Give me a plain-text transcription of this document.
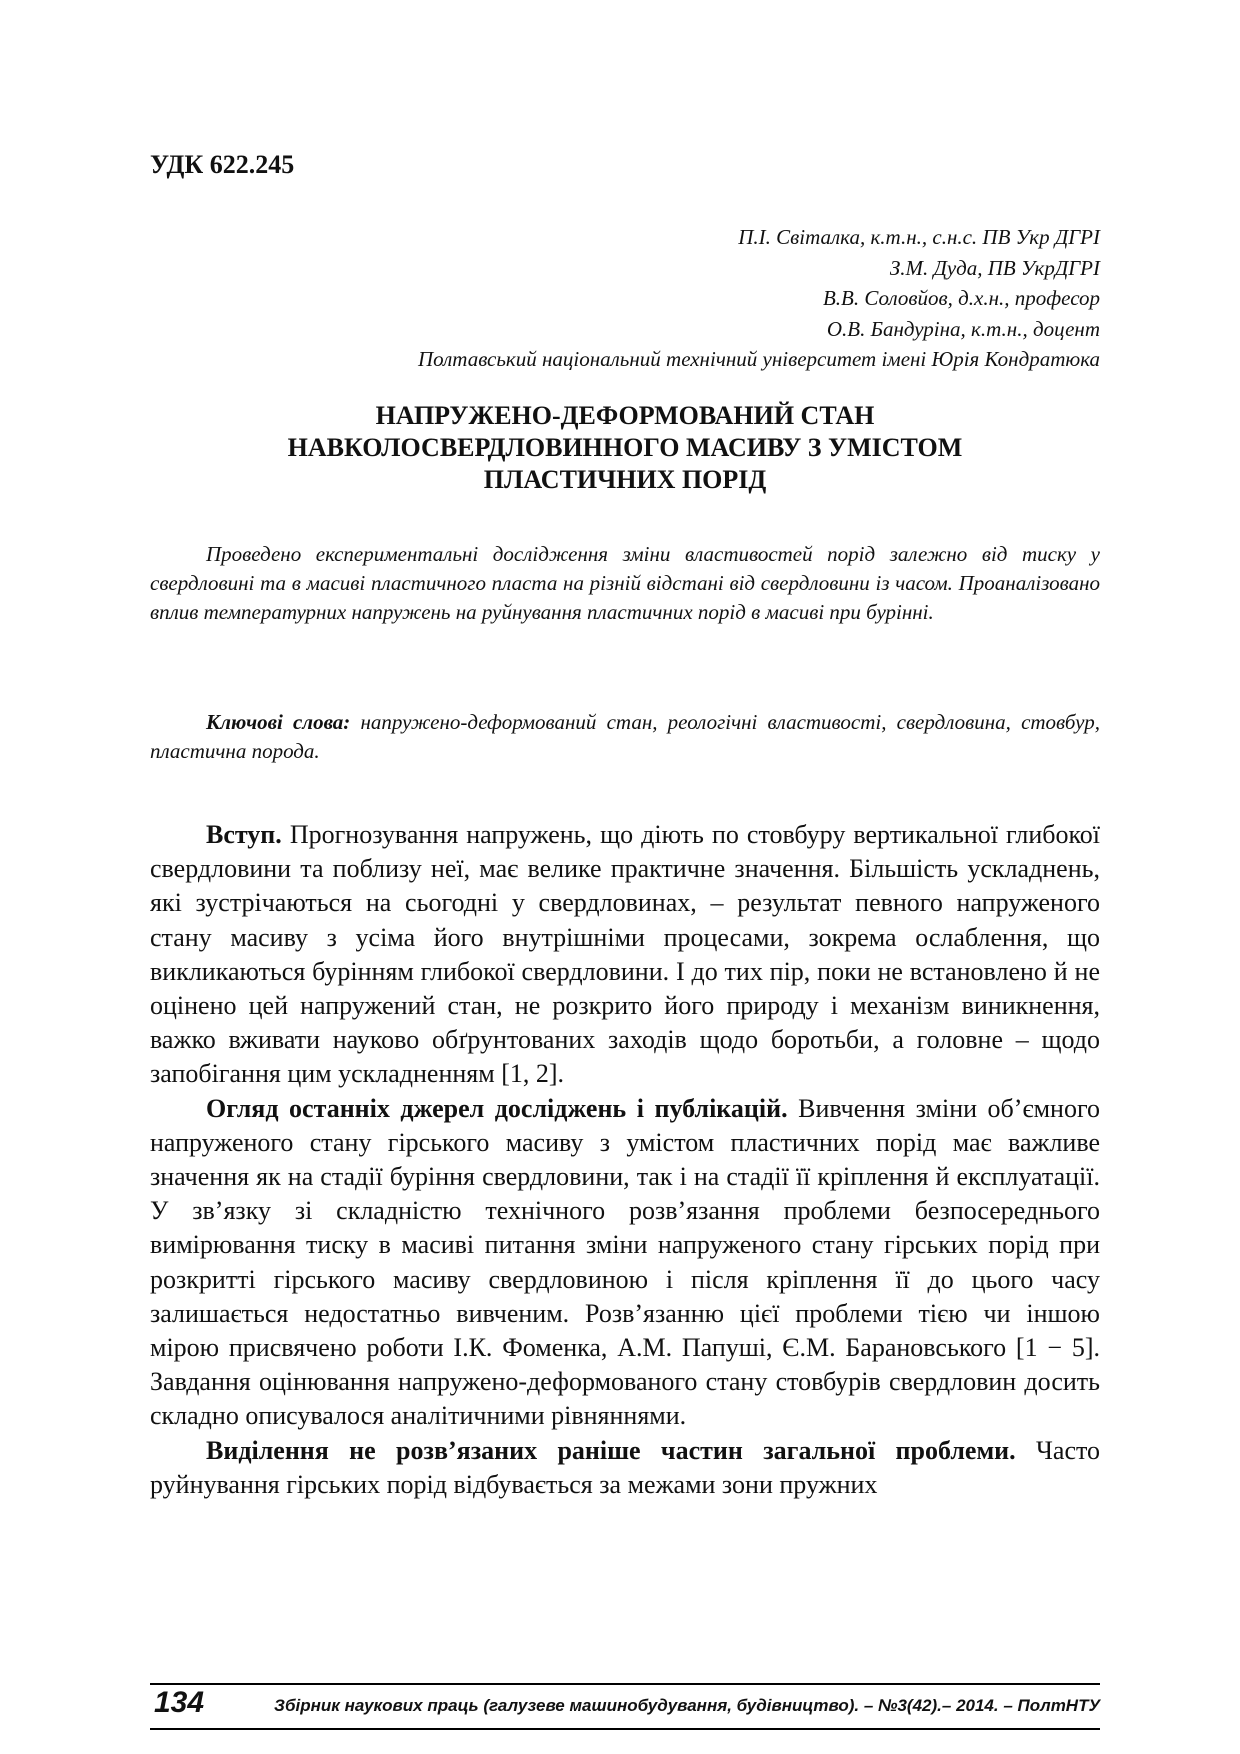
УДК 622.245
П.І. Світалка, к.т.н., с.н.с. ПВ Укр ДГРІ
З.М. Дуда, ПВ УкрДГРІ
В.В. Соловйов, д.х.н., професор
О.В. Бандуріна, к.т.н., доцент
Полтавський національний технічний університет імені Юрія Кондратюка
НАПРУЖЕНО-ДЕФОРМОВАНИЙ СТАН
НАВКОЛОСВЕРДЛОВИННОГО МАСИВУ З УМІСТОМ
ПЛАСТИЧНИХ ПОРІД
Проведено експериментальні дослідження зміни властивостей порід залежно від тиску у свердловині та в масиві пластичного пласта на різній відстані від свердловини із часом. Проаналізовано вплив температурних напружень на руйнування пластичних порід в масиві при бурінні.
Ключові слова: напружено-деформований стан, реологічні властивості, свердловина, стовбур, пластична порода.

Вступ. Прогнозування напружень, що діють по стовбуру вертикальної глибокої свердловини та поблизу неї, має велике практичне значення. Більшість ускладнень, які зустрічаються на сьогодні у свердловинах, – результат певного напруженого стану масиву з усіма його внутрішніми процесами, зокрема ослаблення, що викликаються бурінням глибокої свердловини. І до тих пір, поки не встановлено й не оцінено цей напружений стан, не розкрито його природу і механізм виникнення, важко вживати науково обґрунтованих заходів щодо боротьби, а головне – щодо запобігання цим ускладненням [1, 2].

Огляд останніх джерел досліджень і публікацій. Вивчення зміни об’ємного напруженого стану гірського масиву з умістом пластичних порід має важливе значення як на стадії буріння свердловини, так і на стадії її кріплення й експлуатації. У зв’язку зі складністю технічного розв’язання проблеми безпосереднього вимірювання тиску в масиві питання зміни напруженого стану гірських порід при розкритті гірського масиву свердловиною і після кріплення її до цього часу залишається недостатньо вивченим. Розв’язанню цієї проблеми тією чи іншою мірою присвячено роботи І.К. Фоменка, А.М. Папуші, Є.М. Барановського [1 − 5]. Завдання оцінювання напружено-деформованого стану стовбурів свердловин досить складно описувалося аналітичними рівняннями.

Виділення не розв’язаних раніше частин загальної проблеми. Часто руйнування гірських порід відбувається за межами зони пружних

134	Збірник наукових праць (галузеве машинобудування, будівництво). – №3(42).– 2014. – ПолтНТУ
